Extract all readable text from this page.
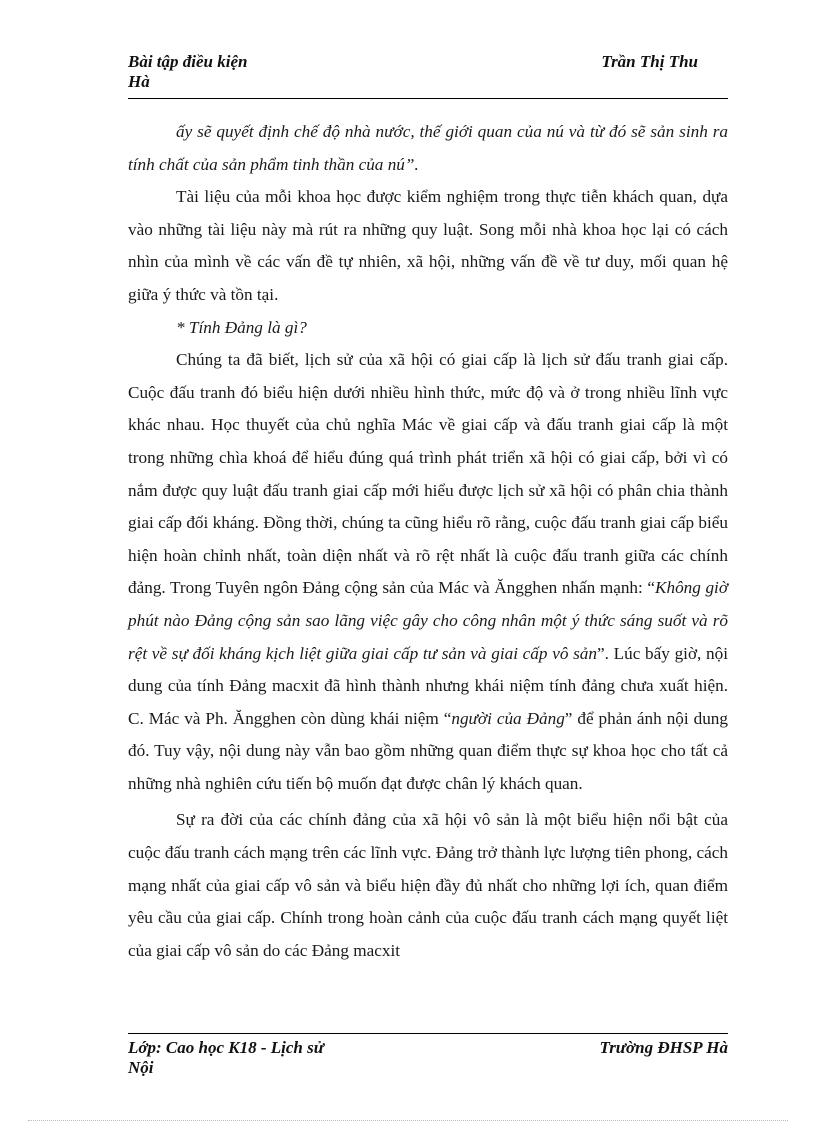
Bài tập điều kiện
Hà
Trần Thị Thu

ấy sẽ quyết định chế độ nhà nước, thế giới quan của nú và từ đó sẽ sản sinh ra tính chất của sản phẩm tinh thần của nú”.

Tài liệu của mỗi khoa học được kiểm nghiệm trong thực tiễn khách quan, dựa vào những tài liệu này mà rút ra những quy luật. Song mỗi nhà khoa học lại có cách nhìn của mình về các vấn đề tự nhiên, xã hội, những vấn đề về tư duy, mối quan hệ giữa ý thức và tồn tại.

* Tính Đảng là gì?

Chúng ta đã biết, lịch sử của xã hội có giai cấp là lịch sử đấu tranh giai cấp. Cuộc đấu tranh đó biểu hiện dưới nhiều hình thức, mức độ và ở trong nhiều lĩnh vực khác nhau. Học thuyết của chủ nghĩa Mác về giai cấp và đấu tranh giai cấp là một trong những chìa khoá để hiểu đúng quá trình phát triển xã hội có giai cấp, bởi vì có nắm được quy luật đấu tranh giai cấp mới hiểu được lịch sử xã hội có phân chia thành giai cấp đối kháng. Đồng thời, chúng ta cũng hiểu rõ rằng, cuộc đấu tranh giai cấp biểu hiện hoàn chỉnh nhất, toàn diện nhất và rõ rệt nhất là cuộc đấu tranh giữa các chính đảng. Trong Tuyên ngôn Đảng cộng sản của Mác và Ăngghen nhấn mạnh: “Không giờ phút nào Đảng cộng sản sao lãng việc gây cho công nhân một ý thức sáng suốt và rõ rệt về sự đối kháng kịch liệt giữa giai cấp tư sản và giai cấp vô sản”. Lúc bấy giờ, nội dung của tính Đảng macxit đã hình thành nhưng khái niệm tính đảng chưa xuất hiện. C. Mác và Ph. Ăngghen còn dùng khái niệm “người của Đảng” để phản ánh nội dung đó. Tuy vậy, nội dung này vẫn bao gồm những quan điểm thực sự khoa học cho tất cả những nhà nghiên cứu tiến bộ muốn đạt được chân lý khách quan.

Sự ra đời của các chính đảng của xã hội vô sản là một biểu hiện nổi bật của cuộc đấu tranh cách mạng trên các lĩnh vực. Đảng trở thành lực lượng tiên phong, cách mạng nhất của giai cấp vô sản và biểu hiện đầy đủ nhất cho những lợi ích, quan điểm yêu cầu của giai cấp. Chính trong hoàn cảnh của cuộc đấu tranh cách mạng quyết liệt của giai cấp vô sản do các Đảng macxit

Lớp: Cao học K18 - Lịch sử
Nội
Trường ĐHSP Hà
